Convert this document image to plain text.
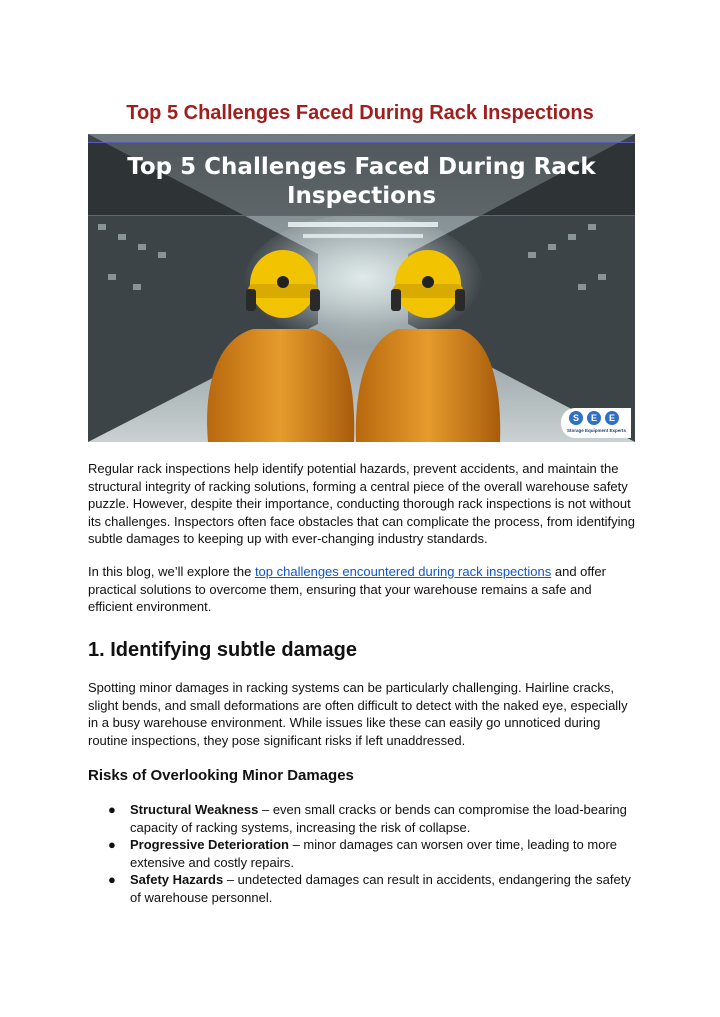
Top 5 Challenges Faced During Rack Inspections
Top 5 Challenges Faced During Rack
Inspections
S	E	E
Storage Equipment Experts

Regular rack inspections help identify potential hazards, prevent accidents, and maintain the structural integrity of racking solutions, forming a central piece of the overall warehouse safety puzzle. However, despite their importance, conducting thorough rack inspections is not without its challenges. Inspectors often face obstacles that can complicate the process, from identifying subtle damages to keeping up with ever-changing industry standards.

In this blog, we’ll explore the top challenges encountered during rack inspections and offer practical solutions to overcome them, ensuring that your warehouse remains a safe and efficient environment.

1. Identifying subtle damage

Spotting minor damages in racking systems can be particularly challenging. Hairline cracks, slight bends, and small deformations are often difficult to detect with the naked eye, especially in a busy warehouse environment. While issues like these can easily go unnoticed during routine inspections, they pose significant risks if left unaddressed.

Risks of Overlooking Minor Damages
● Structural Weakness – even small cracks or bends can compromise the load-bearing capacity of racking systems, increasing the risk of collapse.
● Progressive Deterioration – minor damages can worsen over time, leading to more extensive and costly repairs.
● Safety Hazards – undetected damages can result in accidents, endangering the safety of warehouse personnel.
